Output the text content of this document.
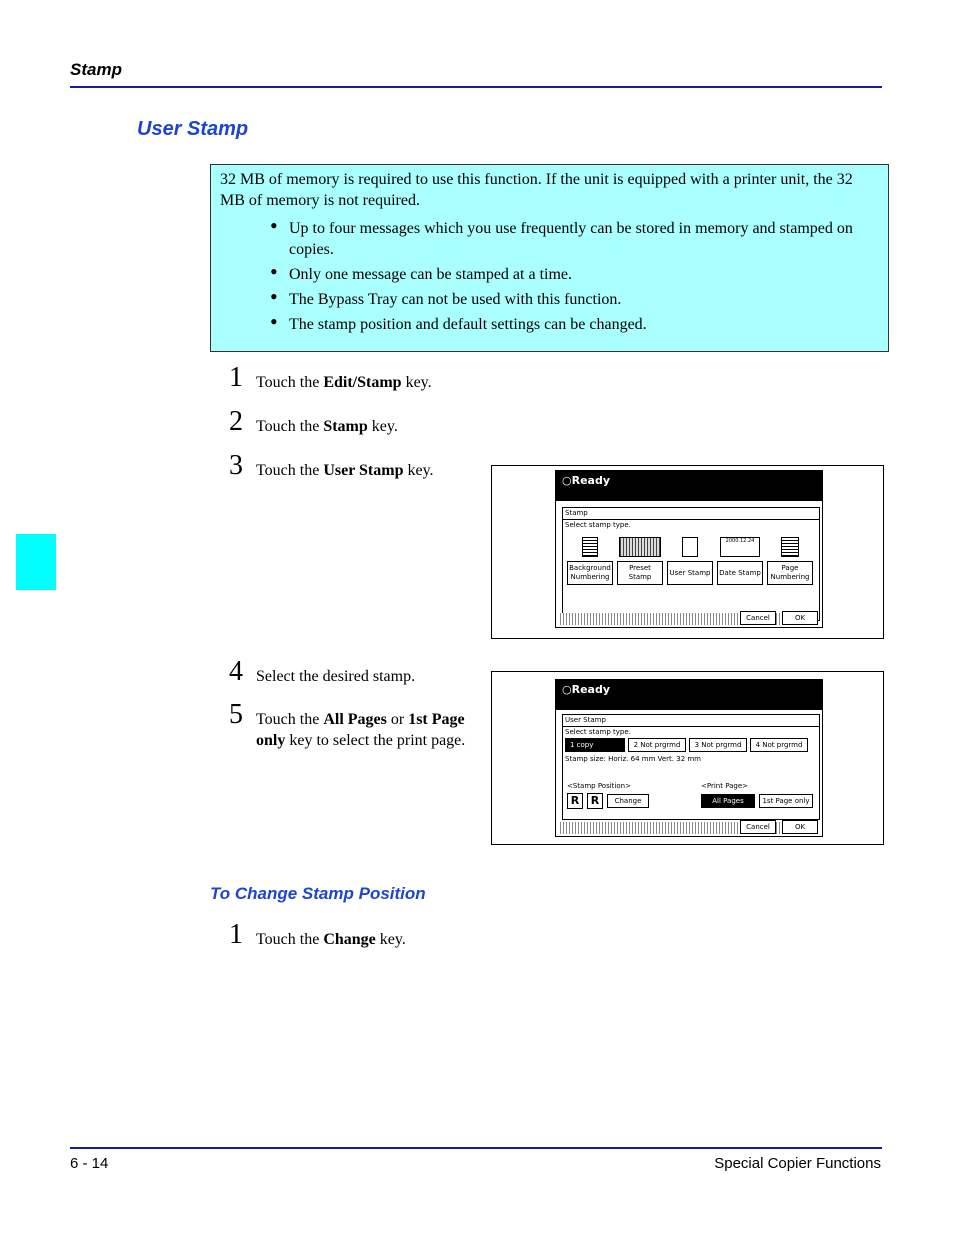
Stamp
User Stamp
32 MB of memory is required to use this function. If the unit is equipped with a printer unit, the 32 MB of memory is not required.
• Up to four messages which you use frequently can be stored in memory and stamped on copies.
• Only one message can be stamped at a time.
• The Bypass Tray can not be used with this function.
• The stamp position and default settings can be changed.
1 Touch the Edit/Stamp key.
2 Touch the Stamp key.
3 Touch the User Stamp key.
4 Select the desired stamp.
5 Touch the All Pages or 1st Page only key to select the print page.
○Ready
Stamp
Select stamp type.
2000.12.24
Background Numbering
Preset Stamp	User Stamp	Date Stamp
Page Numbering
Cancel	OK
○Ready
User Stamp
Select stamp type.
1 copy	2 Not prgrmd	3 Not prgrmd	4 Not prgrmd
Stamp size: Horiz. 64 mm Vert. 32 mm
<Stamp Position>	<Print Page>
R	R	Change	All Pages	1st Page only
Cancel	OK
To Change Stamp Position
1 Touch the Change key.
6 - 14	Special Copier Functions
